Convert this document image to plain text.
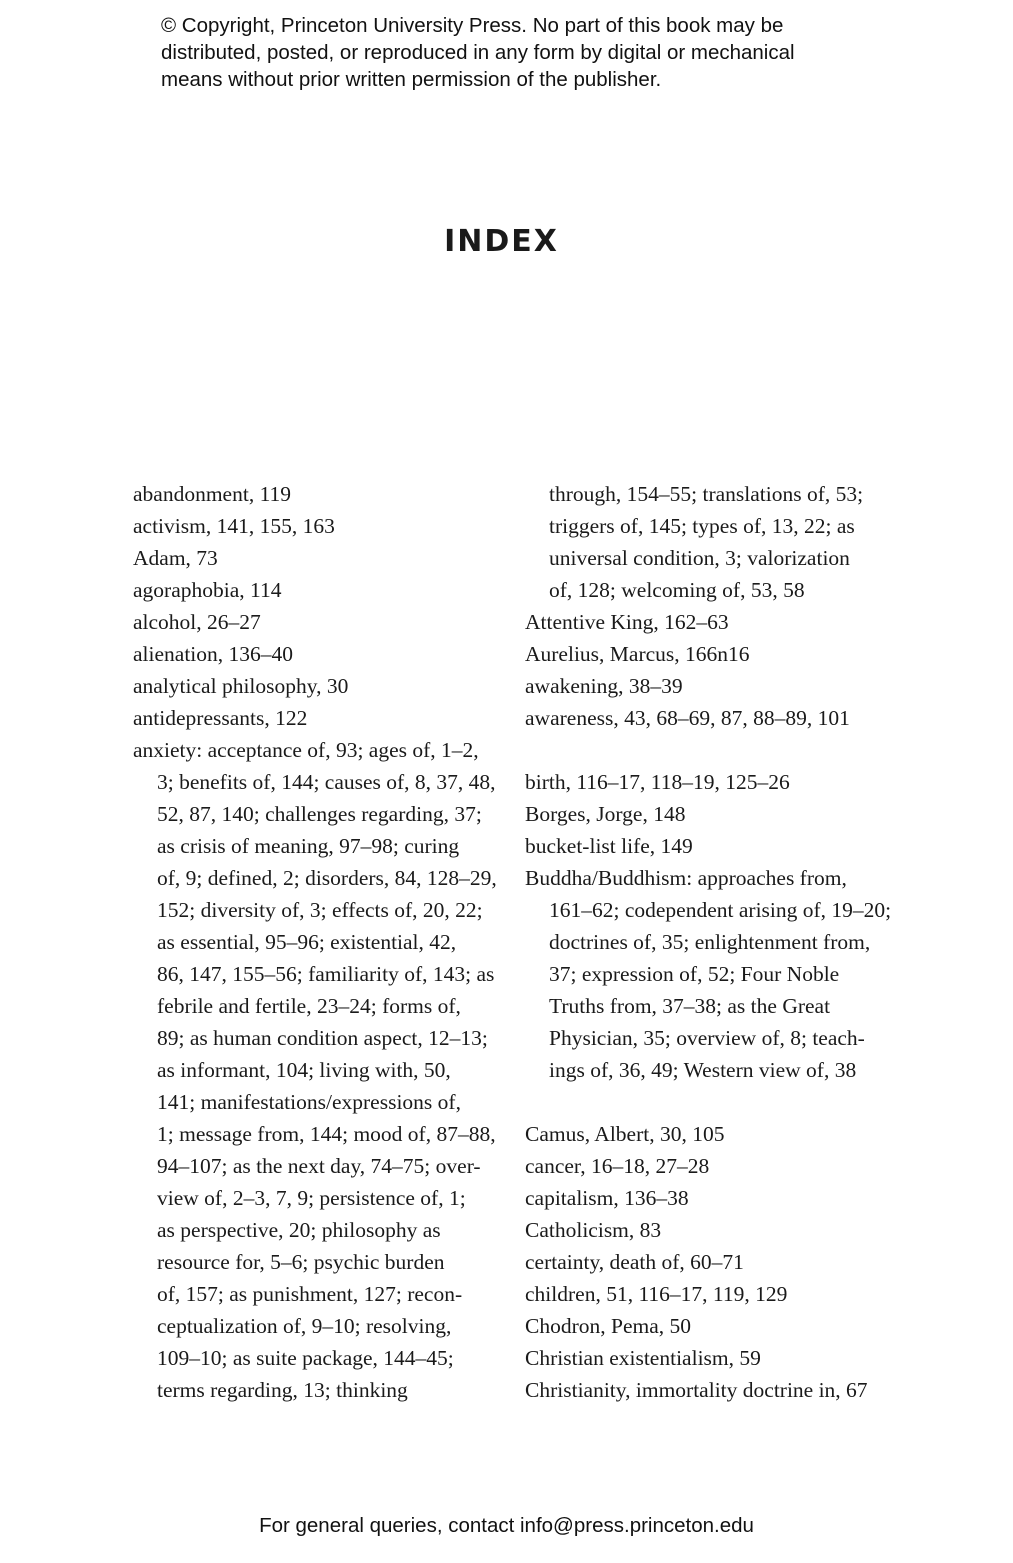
© Copyright, Princeton University Press. No part of this book may be
distributed, posted, or reproduced in any form by digital or mechanical
means without prior written permission of the publisher.
INDEX
abandonment, 119
activism, 141, 155, 163
Adam, 73
agoraphobia, 114
alcohol, 26–27
alienation, 136–40
analytical philosophy, 30
antidepressants, 122
anxiety: acceptance of, 93; ages of, 1–2,
3; benefits of, 144; causes of, 8, 37, 48,
52, 87, 140; challenges regarding, 37;
as crisis of meaning, 97–98; curing
of, 9; defined, 2; disorders, 84, 128–29,
152; diversity of, 3; effects of, 20, 22;
as essential, 95–96; existential, 42,
86, 147, 155–56; familiarity of, 143; as
febrile and fertile, 23–24; forms of,
89; as human condition aspect, 12–13;
as informant, 104; living with, 50,
141; manifestations/expressions of,
1; message from, 144; mood of, 87–88,
94–107; as the next day, 74–75; over-
view of, 2–3, 7, 9; persistence of, 1;
as perspective, 20; philosophy as
resource for, 5–6; psychic burden
of, 157; as punishment, 127; recon-
ceptualization of, 9–10; resolving,
109–10; as suite package, 144–45;
terms regarding, 13; thinking
through, 154–55; translations of, 53;
triggers of, 145; types of, 13, 22; as
universal condition, 3; valorization
of, 128; welcoming of, 53, 58
Attentive King, 162–63
Aurelius, Marcus, 166n16
awakening, 38–39
awareness, 43, 68–69, 87, 88–89, 101
birth, 116–17, 118–19, 125–26
Borges, Jorge, 148
bucket-list life, 149
Buddha/Buddhism: approaches from,
161–62; codependent arising of, 19–20;
doctrines of, 35; enlightenment from,
37; expression of, 52; Four Noble
Truths from, 37–38; as the Great
Physician, 35; overview of, 8; teach-
ings of, 36, 49; Western view of, 38
Camus, Albert, 30, 105
cancer, 16–18, 27–28
capitalism, 136–38
Catholicism, 83
certainty, death of, 60–71
children, 51, 116–17, 119, 129
Chodron, Pema, 50
Christian existentialism, 59
Christianity, immortality doctrine in, 67
For general queries, contact info@press.princeton.edu
